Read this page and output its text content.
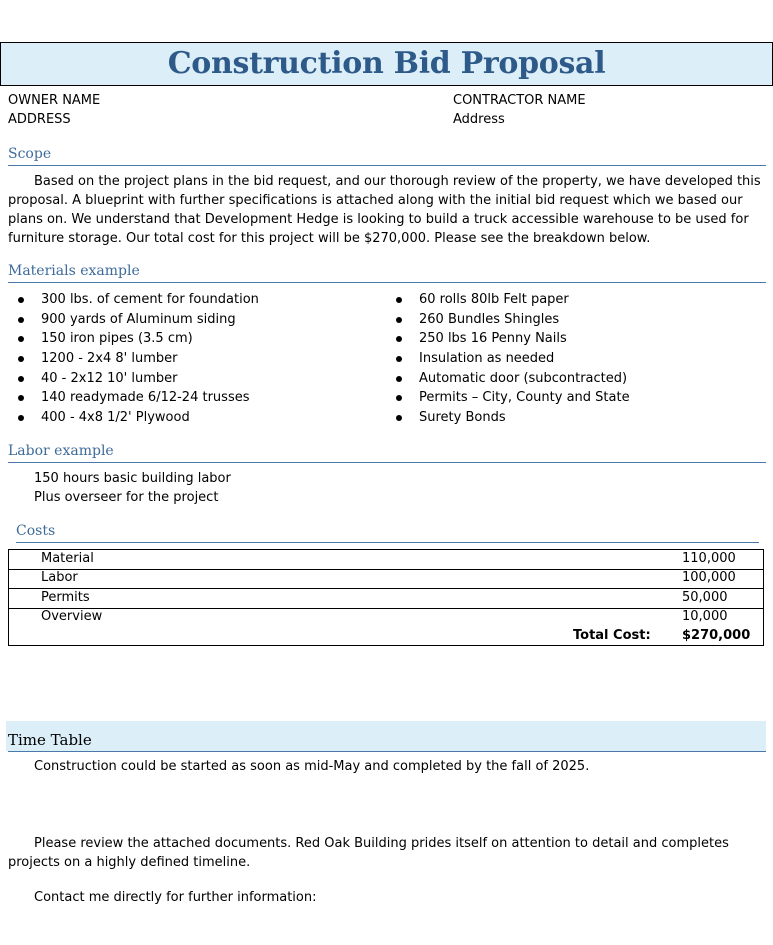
Construction Bid Proposal
OWNER NAME
ADDRESS
CONTRACTOR NAME
Address
Scope
Based on the project plans in the bid request, and our thorough review of the property, we have developed this proposal. A blueprint with further specifications is attached along with the initial bid request which we based our plans on. We understand that Development Hedge is looking to build a truck accessible warehouse to be used for furniture storage. Our total cost for this project will be $270,000. Please see the breakdown below.
Materials example
300 lbs. of cement for foundation
900 yards of Aluminum siding
150 iron pipes (3.5 cm)
1200 - 2x4 8' lumber
40 - 2x12 10' lumber
140 readymade 6/12-24 trusses
400 - 4x8 1/2' Plywood
60 rolls 80lb Felt paper
260 Bundles Shingles
250 lbs 16 Penny Nails
Insulation as needed
Automatic door (subcontracted)
Permits – City, County and State
Surety Bonds
Labor example
150 hours basic building labor
Plus overseer for the project
Costs
Material	110,000
Labor	100,000
Permits	50,000
Overview	10,000
Total Cost: $270,000
Time Table
Construction could be started as soon as mid-May and completed by the fall of 2025.
Please review the attached documents. Red Oak Building prides itself on attention to detail and completes projects on a highly defined timeline.
Contact me directly for further information:
